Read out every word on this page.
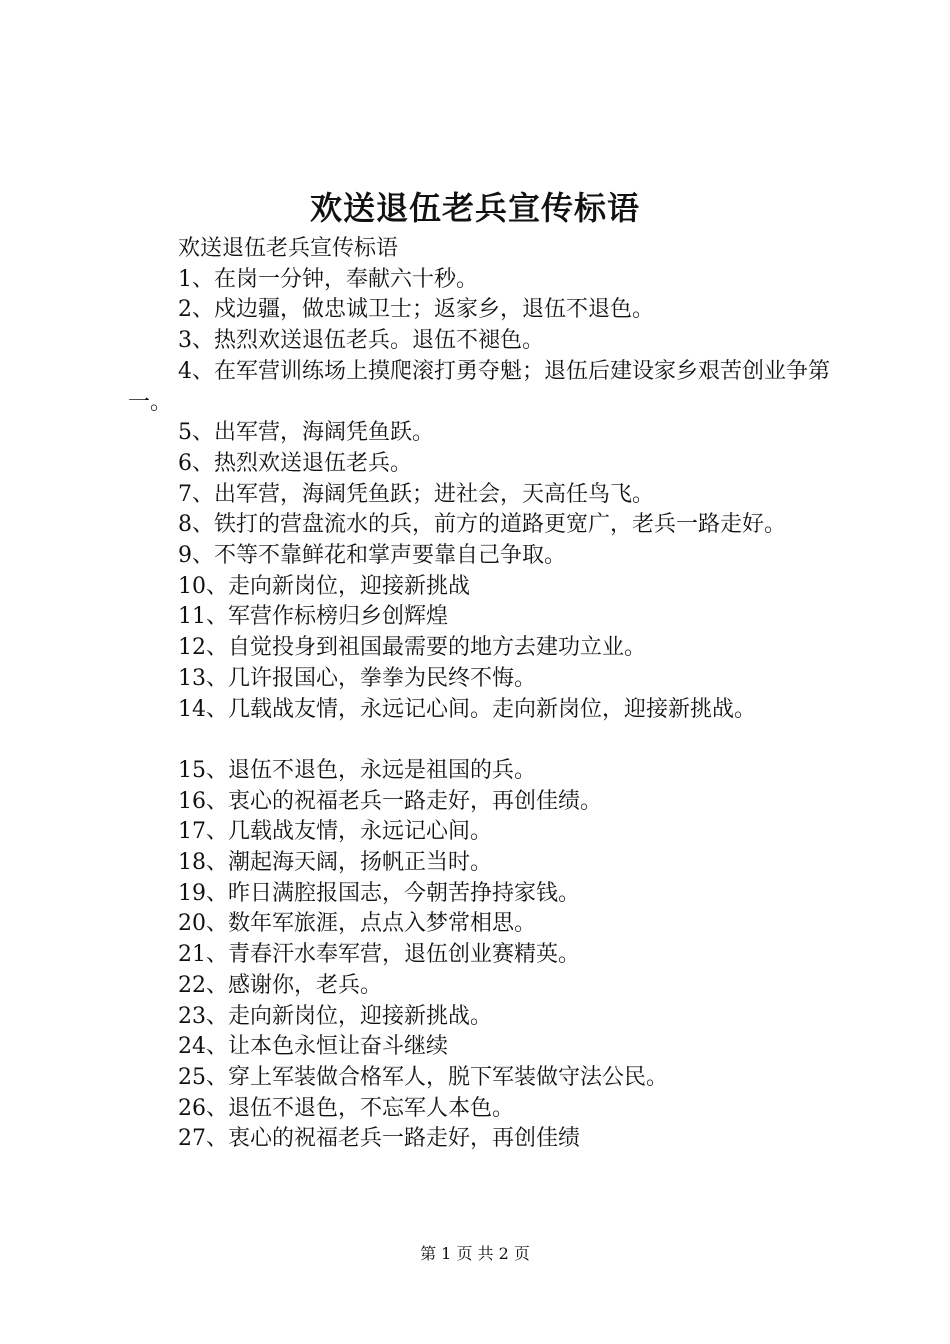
欢送退伍老兵宣传标语

欢送退伍老兵宣传标语

1、在岗一分钟，奉献六十秒。

2、戍边疆，做忠诚卫士；返家乡，退伍不退色。

3、热烈欢送退伍老兵。退伍不褪色。

4、在军营训练场上摸爬滚打勇夺魁；退伍后建设家乡艰苦创业争第一。

5、出军营，海阔凭鱼跃。

6、热烈欢送退伍老兵。

7、出军营，海阔凭鱼跃；进社会，天高任鸟飞。

8、铁打的营盘流水的兵，前方的道路更宽广，老兵一路走好。

9、不等不靠鲜花和掌声要靠自己争取。

10、走向新岗位，迎接新挑战

11、军营作标榜归乡创辉煌

12、自觉投身到祖国最需要的地方去建功立业。

13、几许报国心，拳拳为民终不悔。

14、几载战友情，永远记心间。走向新岗位，迎接新挑战。

15、退伍不退色，永远是祖国的兵。

16、衷心的祝福老兵一路走好，再创佳绩。

17、几载战友情，永远记心间。

18、潮起海天阔，扬帆正当时。

19、昨日满腔报国志，今朝苦挣持家钱。

20、数年军旅涯，点点入梦常相思。

21、青春汗水奉军营，退伍创业赛精英。

22、感谢你，老兵。

23、走向新岗位，迎接新挑战。

24、让本色永恒让奋斗继续

25、穿上军装做合格军人，脱下军装做守法公民。

26、退伍不退色，不忘军人本色。

27、衷心的祝福老兵一路走好，再创佳绩

第 1 页 共 2 页
